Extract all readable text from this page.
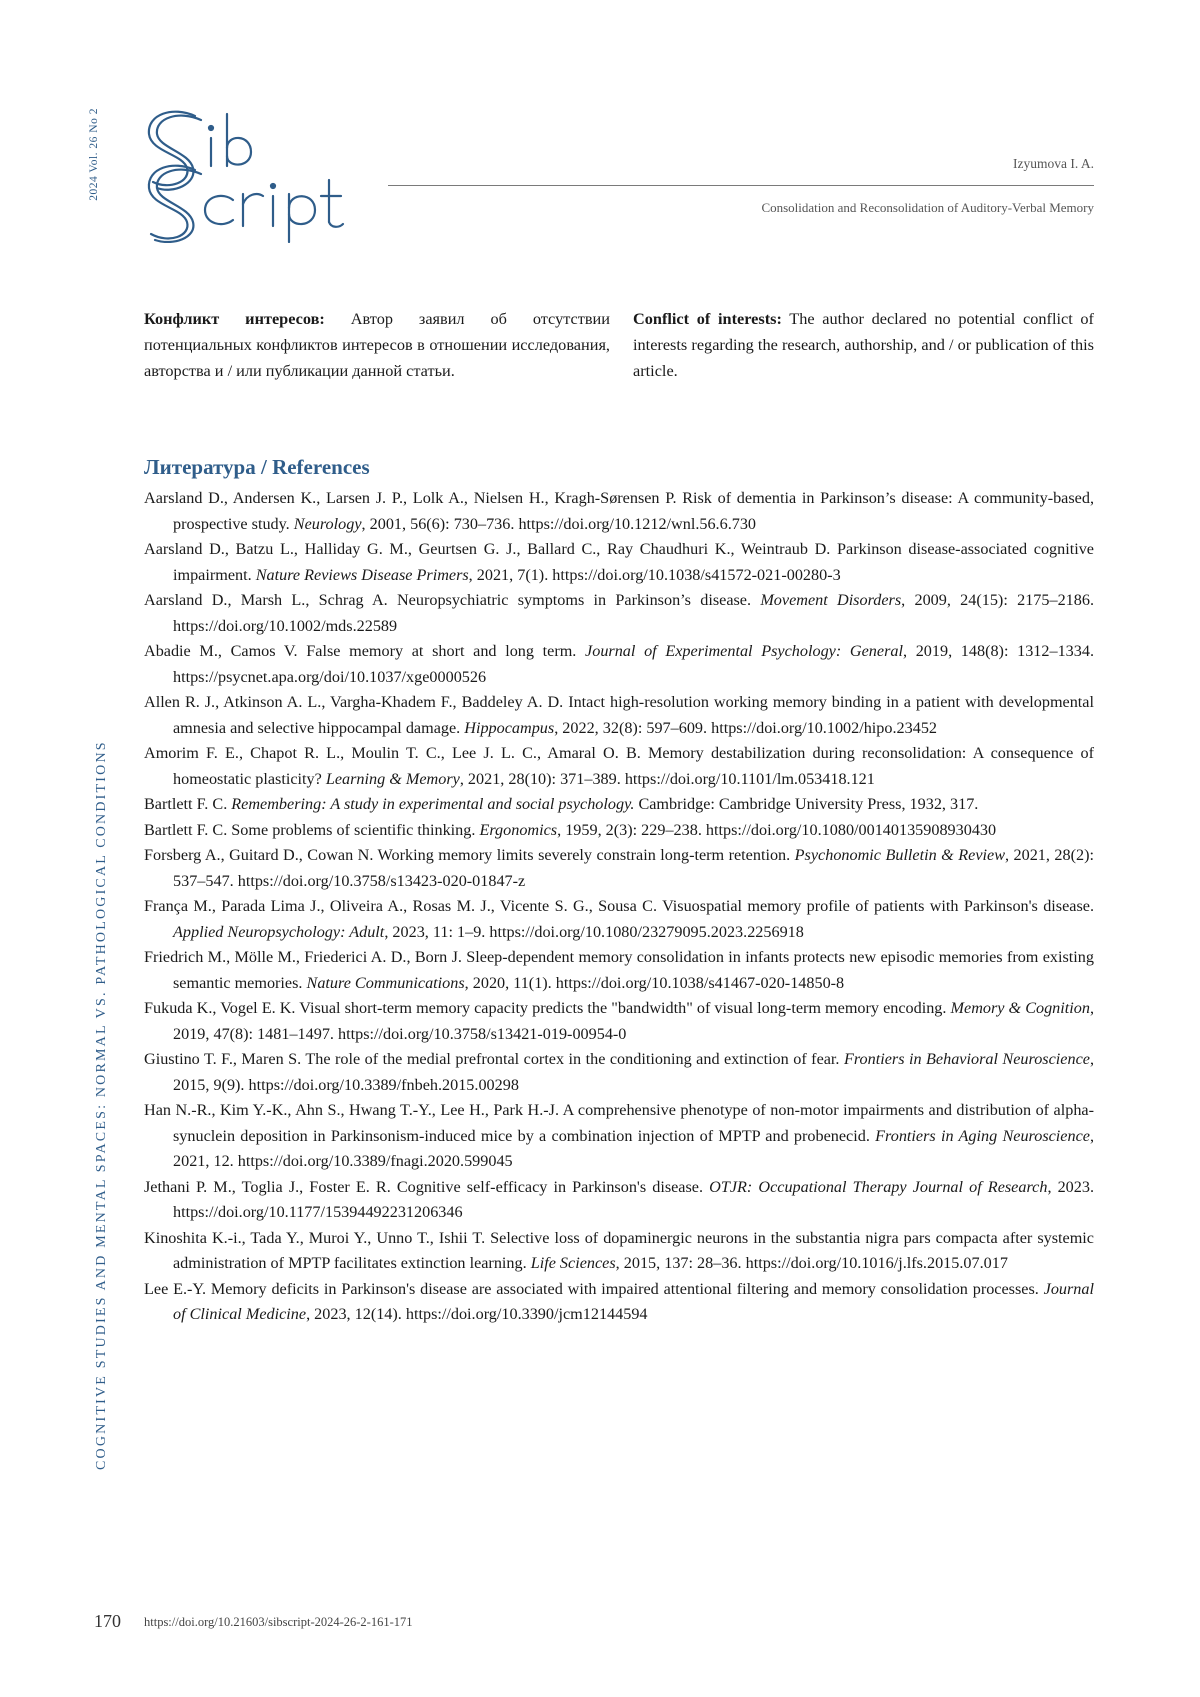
2024 Vol. 26 No 2
COGNITIVE STUDIES AND MENTAL SPACES: NORMAL VS. PATHOLOGICAL CONDITIONS
SibScript
Izyumova I. A.
Consolidation and Reconsolidation of Auditory-Verbal Memory
Конфликт интересов: Автор заявил об отсутствии потенциальных конфликтов интересов в отношении исследования, авторства и / или публикации данной статьи.
Conflict of interests: The author declared no potential conflict of interests regarding the research, authorship, and / or publication of this article.
Литература / References
Aarsland D., Andersen K., Larsen J. P., Lolk A., Nielsen H., Kragh-Sørensen P. Risk of dementia in Parkinson’s disease: A community-based, prospective study. Neurology, 2001, 56(6): 730–736. https://doi.org/10.1212/wnl.56.6.730
Aarsland D., Batzu L., Halliday G. M., Geurtsen G. J., Ballard C., Ray Chaudhuri K., Weintraub D. Parkinson disease-associated cognitive impairment. Nature Reviews Disease Primers, 2021, 7(1). https://doi.org/10.1038/s41572-021-00280-3
Aarsland D., Marsh L., Schrag A. Neuropsychiatric symptoms in Parkinson’s disease. Movement Disorders, 2009, 24(15): 2175–2186. https://doi.org/10.1002/mds.22589
Abadie M., Camos V. False memory at short and long term. Journal of Experimental Psychology: General, 2019, 148(8): 1312–1334. https://psycnet.apa.org/doi/10.1037/xge0000526
Allen R. J., Atkinson A. L., Vargha-Khadem F., Baddeley A. D. Intact high-resolution working memory binding in a patient with developmental amnesia and selective hippocampal damage. Hippocampus, 2022, 32(8): 597–609. https://doi.org/10.1002/hipo.23452
Amorim F. E., Chapot R. L., Moulin T. C., Lee J. L. C., Amaral O. B. Memory destabilization during reconsolidation: A consequence of homeostatic plasticity? Learning & Memory, 2021, 28(10): 371–389. https://doi.org/10.1101/lm.053418.121
Bartlett F. C. Remembering: A study in experimental and social psychology. Cambridge: Cambridge University Press, 1932, 317.
Bartlett F. C. Some problems of scientific thinking. Ergonomics, 1959, 2(3): 229–238. https://doi.org/10.1080/00140135908930430
Forsberg A., Guitard D., Cowan N. Working memory limits severely constrain long-term retention. Psychonomic Bulletin & Review, 2021, 28(2): 537–547. https://doi.org/10.3758/s13423-020-01847-z
França M., Parada Lima J., Oliveira A., Rosas M. J., Vicente S. G., Sousa C. Visuospatial memory profile of patients with Parkinson's disease. Applied Neuropsychology: Adult, 2023, 11: 1–9. https://doi.org/10.1080/23279095.2023.2256918
Friedrich M., Mölle M., Friederici A. D., Born J. Sleep-dependent memory consolidation in infants protects new episodic memories from existing semantic memories. Nature Communications, 2020, 11(1). https://doi.org/10.1038/s41467-020-14850-8
Fukuda K., Vogel E. K. Visual short-term memory capacity predicts the "bandwidth" of visual long-term memory encoding. Memory & Cognition, 2019, 47(8): 1481–1497. https://doi.org/10.3758/s13421-019-00954-0
Giustino T. F., Maren S. The role of the medial prefrontal cortex in the conditioning and extinction of fear. Frontiers in Behavioral Neuroscience, 2015, 9(9). https://doi.org/10.3389/fnbeh.2015.00298
Han N.-R., Kim Y.-K., Ahn S., Hwang T.-Y., Lee H., Park H.-J. A comprehensive phenotype of non-motor impairments and distribution of alpha-synuclein deposition in Parkinsonism-induced mice by a combination injection of MPTP and probenecid. Frontiers in Aging Neuroscience, 2021, 12. https://doi.org/10.3389/fnagi.2020.599045
Jethani P. M., Toglia J., Foster E. R. Cognitive self-efficacy in Parkinson's disease. OTJR: Occupational Therapy Journal of Research, 2023. https://doi.org/10.1177/15394492231206346
Kinoshita K.-i., Tada Y., Muroi Y., Unno T., Ishii T. Selective loss of dopaminergic neurons in the substantia nigra pars compacta after systemic administration of MPTP facilitates extinction learning. Life Sciences, 2015, 137: 28–36. https://doi.org/10.1016/j.lfs.2015.07.017
Lee E.-Y. Memory deficits in Parkinson's disease are associated with impaired attentional filtering and memory consolidation processes. Journal of Clinical Medicine, 2023, 12(14). https://doi.org/10.3390/jcm12144594
170 https://doi.org/10.21603/sibscript-2024-26-2-161-171
